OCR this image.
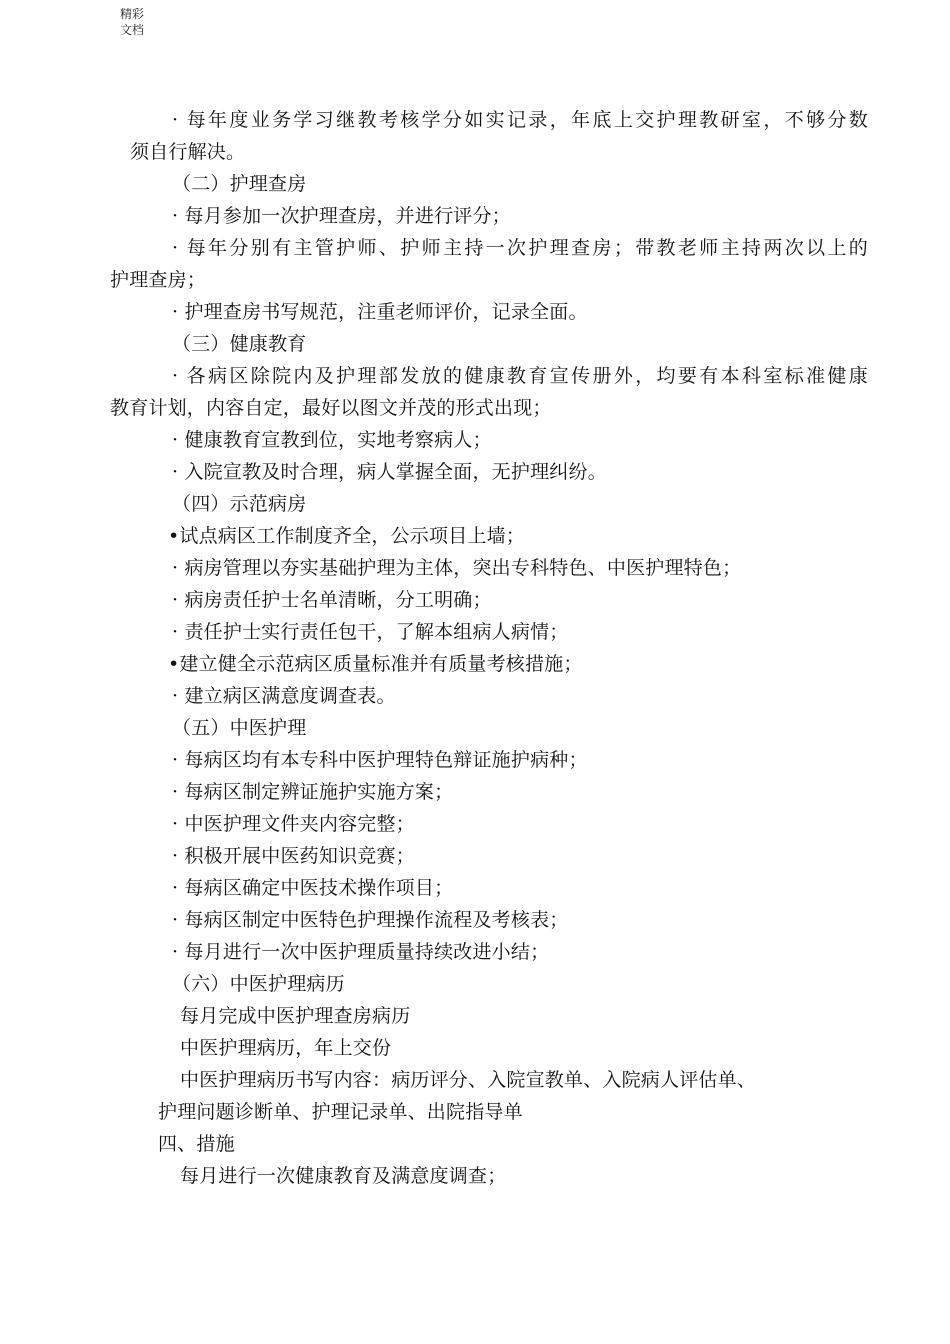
精彩文档
· 每年度业务学习继教考核学分如实记录，年底上交护理教研室，不够分数
须自行解决。
（二）护理查房
· 每月参加一次护理查房，并进行评分；
· 每年分别有主管护师、护师主持一次护理查房；带教老师主持两次以上的
护理查房；
· 护理查房书写规范，注重老师评价，记录全面。
（三）健康教育
· 各病区除院内及护理部发放的健康教育宣传册外，均要有本科室标准健康
教育计划，内容自定，最好以图文并茂的形式出现；
· 健康教育宣教到位，实地考察病人；
· 入院宣教及时合理，病人掌握全面，无护理纠纷。
（四）示范病房
•试点病区工作制度齐全，公示项目上墙；
· 病房管理以夯实基础护理为主体，突出专科特色、中医护理特色；
· 病房责任护士名单清晰，分工明确；
· 责任护士实行责任包干，了解本组病人病情；
•建立健全示范病区质量标准并有质量考核措施；
· 建立病区满意度调查表。
（五）中医护理
· 每病区均有本专科中医护理特色辩证施护病种；
· 每病区制定辨证施护实施方案；
· 中医护理文件夹内容完整；
· 积极开展中医药知识竞赛；
· 每病区确定中医技术操作项目；
· 每病区制定中医特色护理操作流程及考核表；
· 每月进行一次中医护理质量持续改进小结；
（六）中医护理病历
每月完成中医护理查房病历
中医护理病历，年上交份
中医护理病历书写内容：病历评分、入院宣教单、入院病人评估单、
护理问题诊断单、护理记录单、出院指导单
四、措施
每月进行一次健康教育及满意度调查；
